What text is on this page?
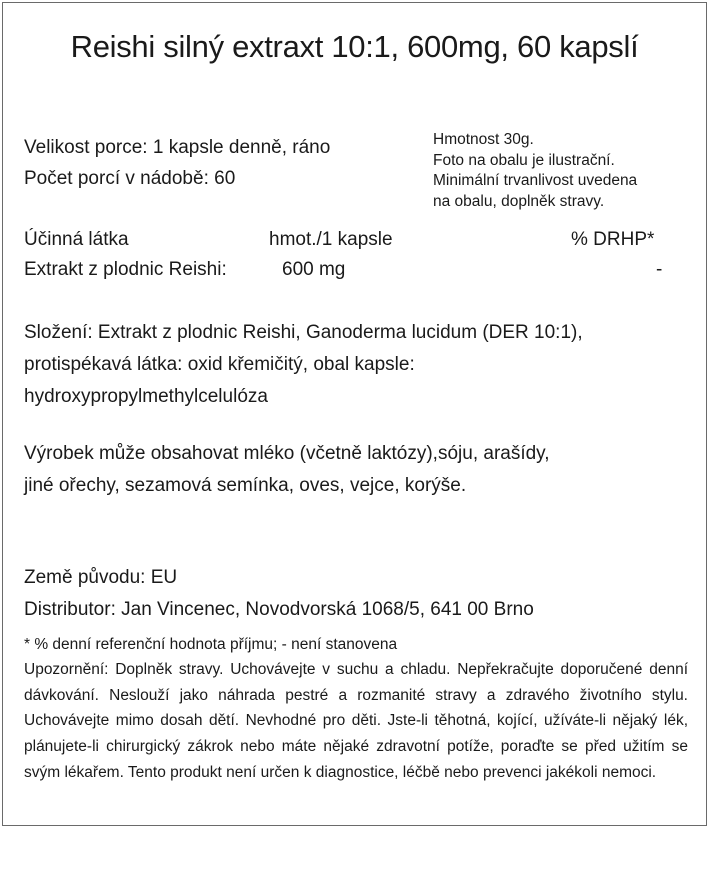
Reishi silný extraxt 10:1, 600mg, 60 kapslí
Velikost porce: 1 kapsle denně, ráno
Počet porcí v nádobě: 60
Hmotnost 30g.
Foto na obalu je ilustrační.
Minimální trvanlivost uvedena
na obalu, doplněk stravy.
Účinná látka	hmot./1 kapsle	% DRHP*
Extrakt z plodnic Reishi:	600 mg	-
Složení: Extrakt z plodnic Reishi, Ganoderma lucidum (DER 10:1),
protispékavá látka: oxid křemičitý, obal kapsle:
hydroxypropylmethylcelulóza
Výrobek může obsahovat mléko (včetně laktózy),sóju, arašídy,
jiné ořechy, sezamová semínka, oves, vejce, korýše.
Země původu: EU
Distributor: Jan Vincenec, Novodvorská 1068/5, 641 00 Brno
* % denní referenční hodnota příjmu; - není stanovena
Upozornění: Doplněk stravy. Uchovávejte v suchu a chladu. Nepřekračujte doporučené denní dávkování. Neslouží jako náhrada pestré a rozmanité stravy a zdravého životního stylu. Uchovávejte mimo dosah dětí. Nevhodné pro děti. Jste-li těhotná, kojící, užíváte-li nějaký lék, plánujete-li chirurgický zákrok nebo máte nějaké zdravotní potíže, poraďte se před užitím se svým lékařem. Tento produkt není určen k diagnostice, léčbě nebo prevenci jakékoli nemoci.
